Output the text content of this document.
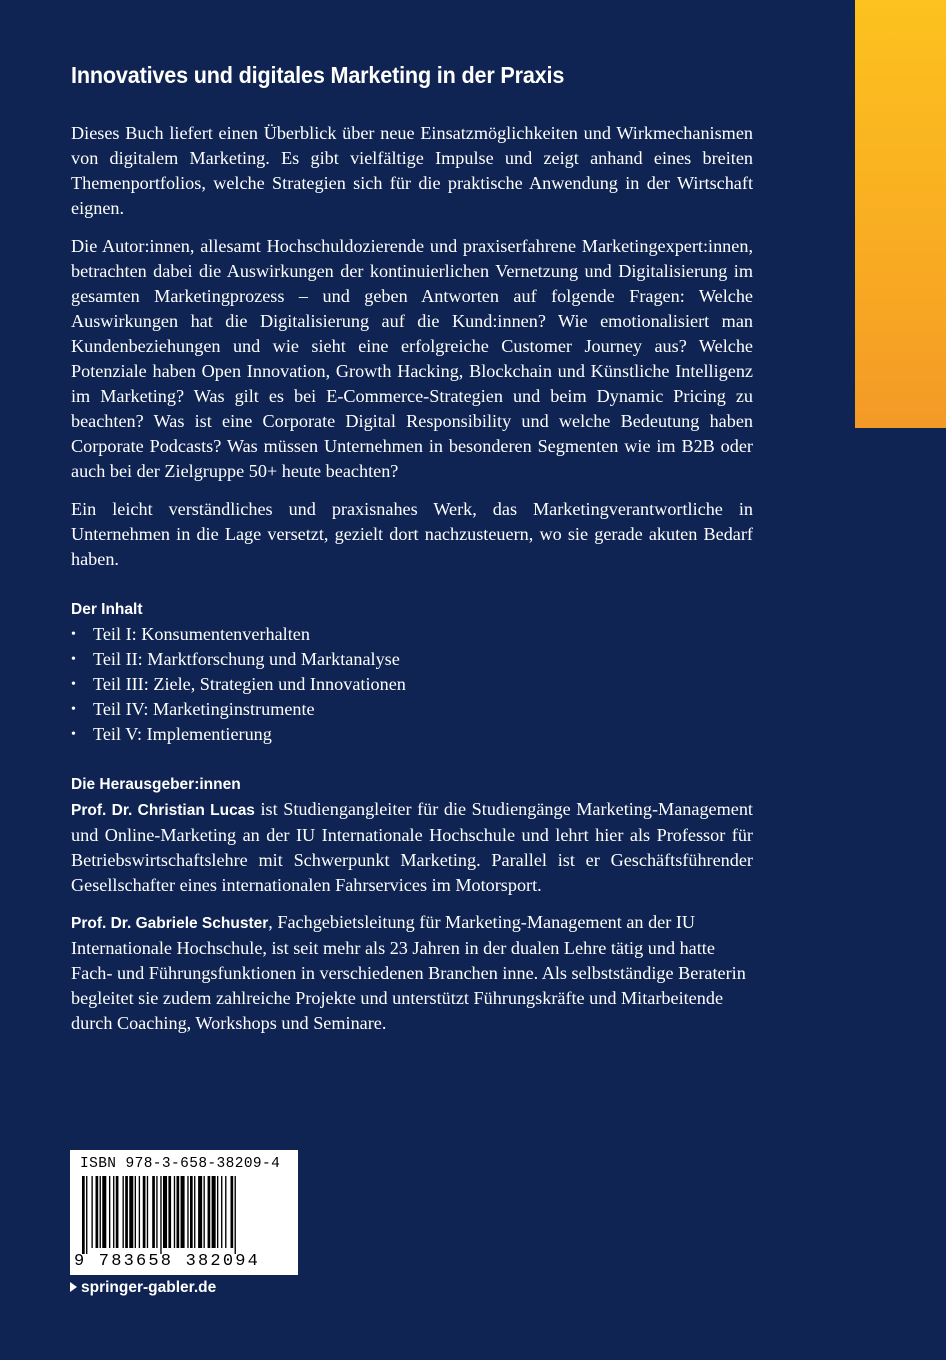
Innovatives und digitales Marketing in der Praxis

Dieses Buch liefert einen Überblick über neue Einsatzmöglichkeiten und Wirkmechanismen von digitalem Marketing. Es gibt vielfältige Impulse und zeigt anhand eines breiten Themenportfolios, welche Strategien sich für die praktische Anwendung in der Wirtschaft eignen.

Die Autor:innen, allesamt Hochschuldozierende und praxiserfahrene Marketingexpert:innen, betrachten dabei die Auswirkungen der kontinuierlichen Vernetzung und Digitalisierung im gesamten Marketingprozess – und geben Antworten auf folgende Fragen: Welche Auswirkungen hat die Digitalisierung auf die Kund:innen? Wie emotionalisiert man Kundenbeziehungen und wie sieht eine erfolgreiche Customer Journey aus? Welche Potenziale haben Open Innovation, Growth Hacking, Blockchain und Künstliche Intelligenz im Marketing? Was gilt es bei E-Commerce-Strategien und beim Dynamic Pricing zu beachten? Was ist eine Corporate Digital Responsibility und welche Bedeutung haben Corporate Podcasts? Was müssen Unternehmen in besonderen Segmenten wie im B2B oder auch bei der Zielgruppe 50+ heute beachten?

Ein leicht verständliches und praxisnahes Werk, das Marketingverantwortliche in Unternehmen in die Lage versetzt, gezielt dort nachzusteuern, wo sie gerade akuten Bedarf haben.

Der Inhalt
• Teil I: Konsumentenverhalten
• Teil II: Marktforschung und Marktanalyse
• Teil III: Ziele, Strategien und Innovationen
• Teil IV: Marketinginstrumente
• Teil V: Implementierung
Die Herausgeber:innen

Prof. Dr. Christian Lucas ist Studiengangleiter für die Studiengänge Marketing-Management und Online-Marketing an der IU Internationale Hochschule und lehrt hier als Professor für Betriebswirtschaftslehre mit Schwerpunkt Marketing. Parallel ist er Geschäftsführender Gesellschafter eines internationalen Fahrservices im Motorsport.

Prof. Dr. Gabriele Schuster, Fachgebietsleitung für Marketing-Management an der IU Internationale Hochschule, ist seit mehr als 23 Jahren in der dualen Lehre tätig und hatte Fach- und Führungsfunktionen in verschiedenen Branchen inne. Als selbstständige Beraterin begleitet sie zudem zahlreiche Projekte und unterstützt Führungskräfte und Mitarbeitende durch Coaching, Workshops und Seminare.

ISBN 978-3-658-38209-4
9 783658 382094
springer-gabler.de
